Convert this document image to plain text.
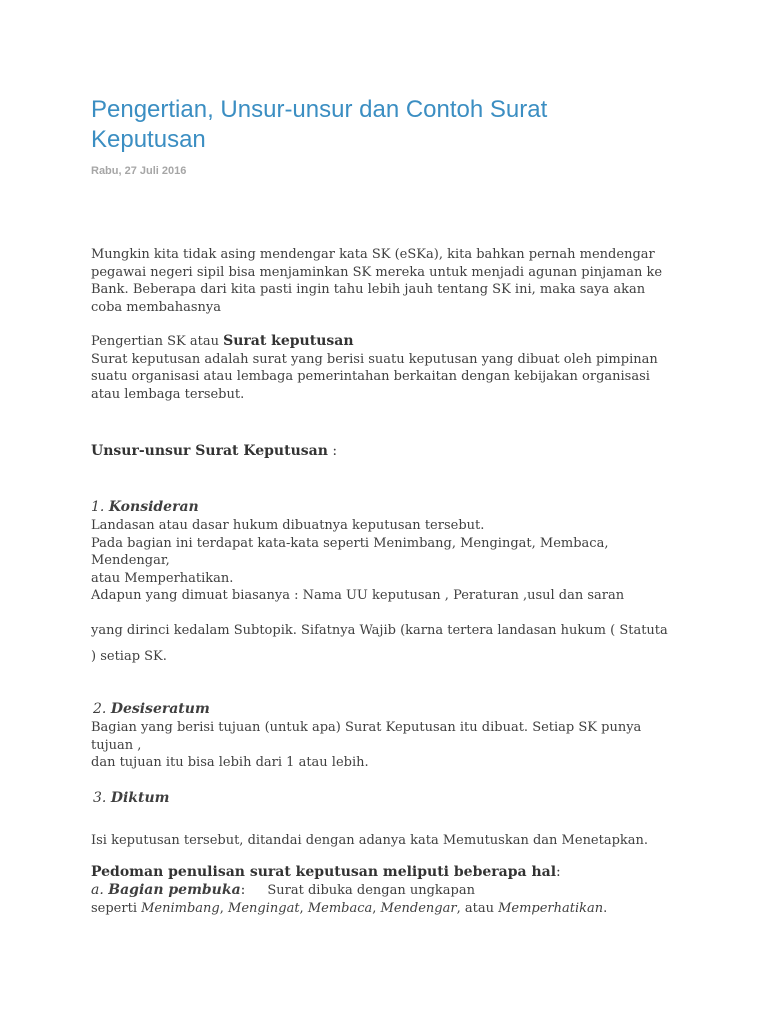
Pengertian, Unsur-unsur dan Contoh Surat Keputusan
Rabu, 27 Juli 2016
Mungkin kita tidak asing mendengar kata SK (eSKa), kita bahkan pernah mendengar
pegawai negeri sipil bisa menjaminkan SK mereka untuk menjadi agunan pinjaman ke
Bank. Beberapa dari kita pasti ingin tahu lebih jauh tentang SK ini, maka saya akan
coba membahasnya
Pengertian SK atau Surat keputusan
Surat keputusan adalah surat yang berisi suatu keputusan yang dibuat oleh pimpinan
suatu organisasi atau lembaga pemerintahan berkaitan dengan kebijakan organisasi
atau lembaga tersebut.
Unsur-unsur Surat Keputusan :
1. Konsideran
Landasan atau dasar hukum dibuatnya keputusan tersebut.
Pada bagian ini terdapat kata-kata seperti Menimbang, Mengingat, Membaca,
Mendengar,
atau Memperhatikan.
Adapun yang dimuat biasanya : Nama UU keputusan , Peraturan ,usul dan saran
yang dirinci kedalam Subtopik. Sifatnya Wajib (karna tertera landasan hukum ( Statuta
) setiap SK.
2. Desiseratum
Bagian yang berisi tujuan (untuk apa) Surat Keputusan itu dibuat. Setiap SK punya
tujuan ,
dan tujuan itu bisa lebih dari 1 atau lebih.
3. Diktum
Isi keputusan tersebut, ditandai dengan adanya kata Memutuskan dan Menetapkan.
Pedoman penulisan surat keputusan meliputi beberapa hal:
a. Bagian pembuka: Surat dibuka dengan ungkapan
seperti Menimbang, Mengingat, Membaca, Mendengar, atau Memperhatikan.
